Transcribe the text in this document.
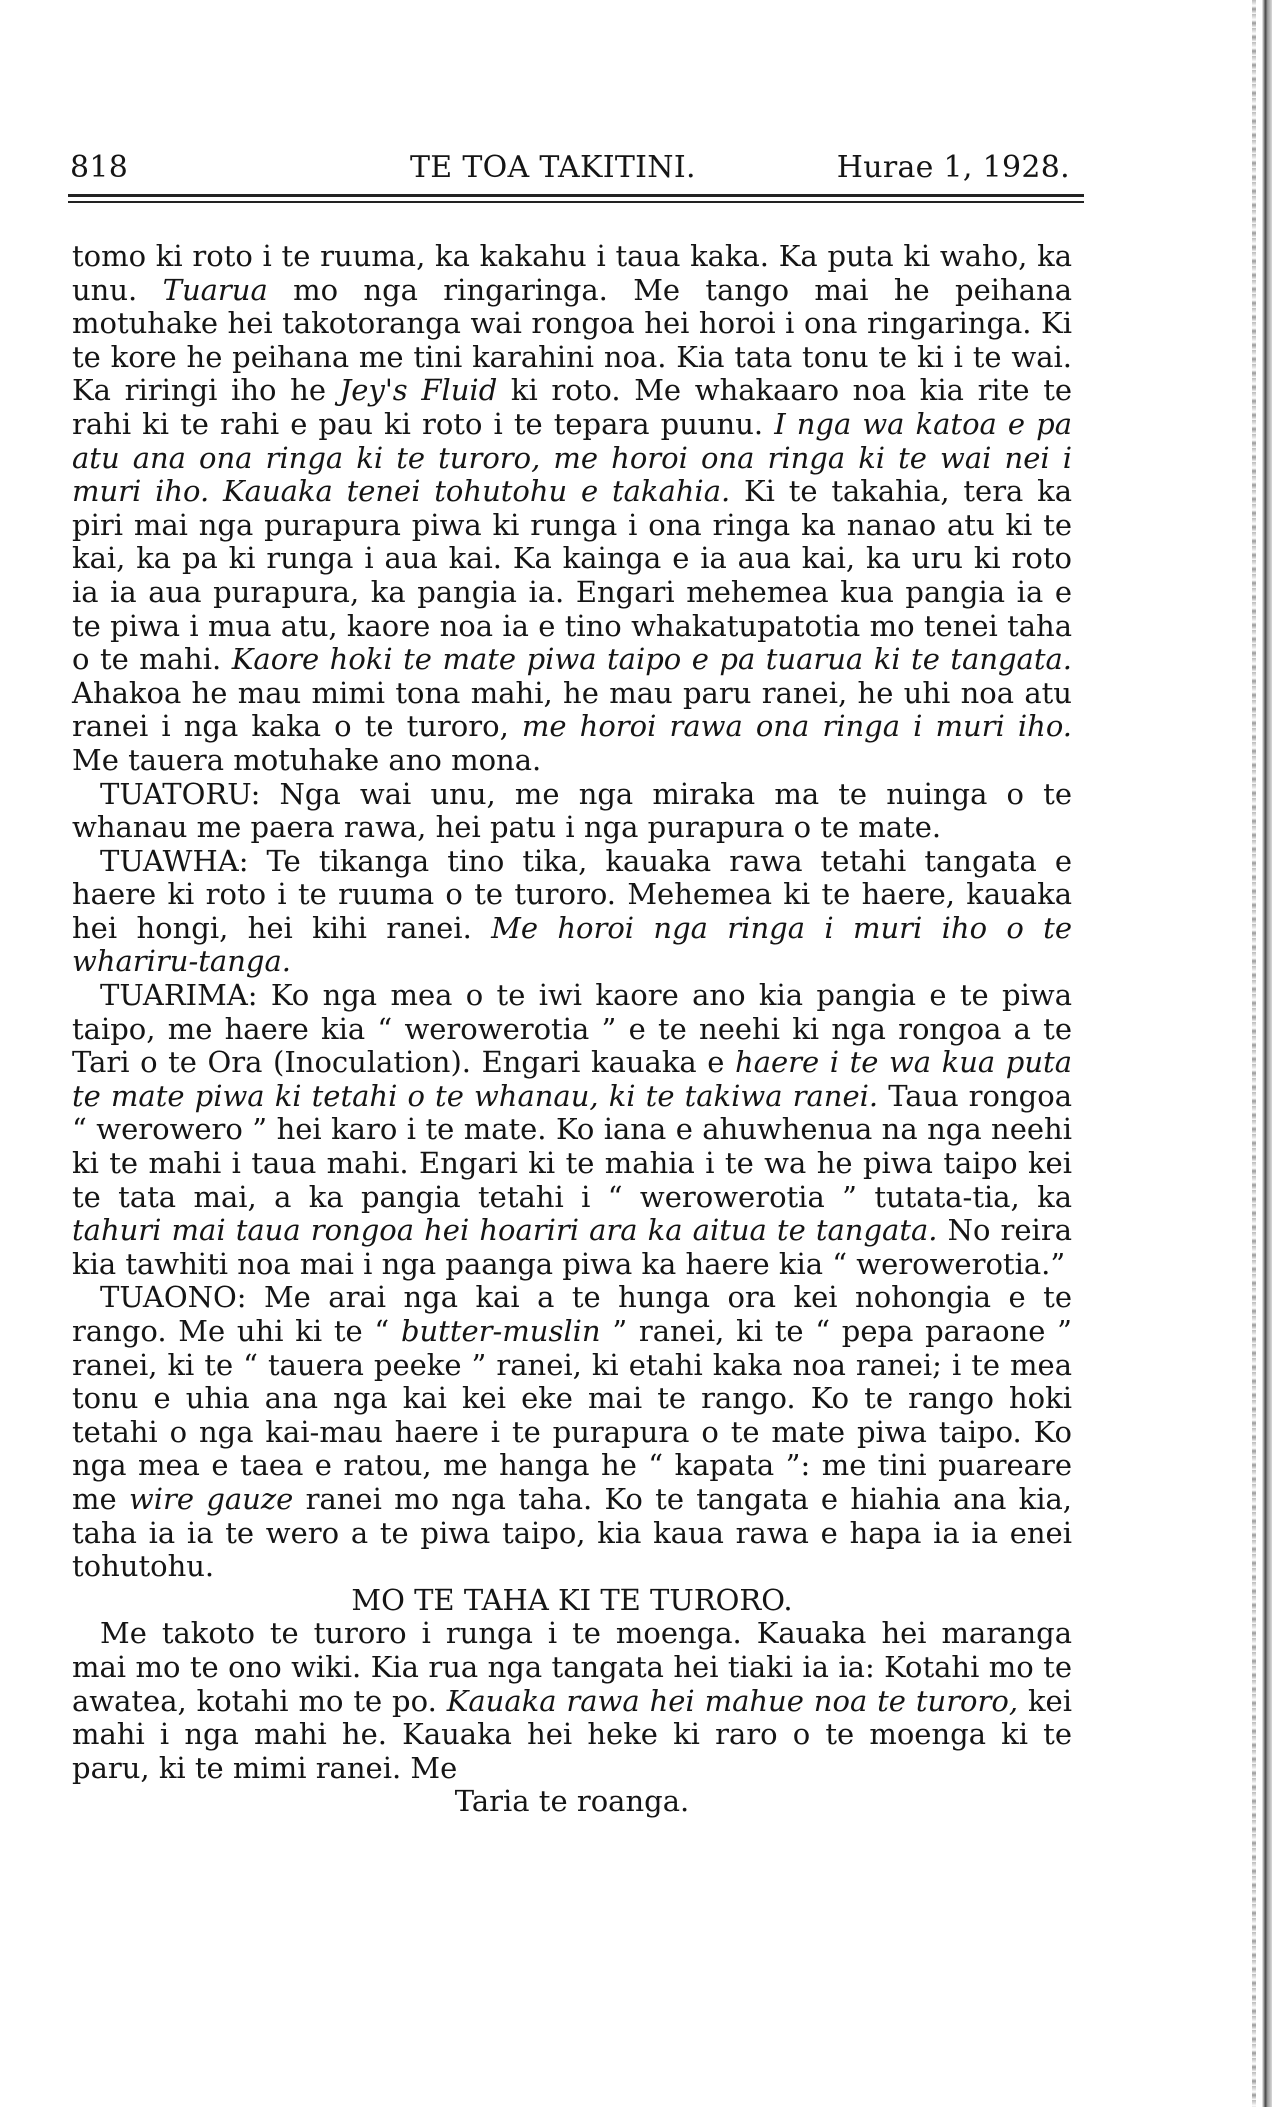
818	TE TOA TAKITINI.	Hurae 1, 1928.

tomo ki roto i te ruuma, ka kakahu i taua kaka. Ka puta ki waho, ka unu. Tuarua mo nga ringaringa. Me tango mai he peihana motuhake hei takotoranga wai rongoa hei horoi i ona ringaringa. Ki te kore he peihana me tini karahini noa. Kia tata tonu te ki i te wai. Ka riringi iho he Jey's Fluid ki roto. Me whakaaro noa kia rite te rahi ki te rahi e pau ki roto i te tepara puunu. I nga wa katoa e pa atu ana ona ringa ki te turoro, me horoi ona ringa ki te wai nei i muri iho. Kauaka tenei tohutohu e takahia. Ki te takahia, tera ka piri mai nga purapura piwa ki runga i ona ringa ka nanao atu ki te kai, ka pa ki runga i aua kai. Ka kainga e ia aua kai, ka uru ki roto ia ia aua purapura, ka pangia ia. Engari mehemea kua pangia ia e te piwa i mua atu, kaore noa ia e tino whakatupatotia mo tenei taha o te mahi. Kaore hoki te mate piwa taipo e pa tuarua ki te tangata. Ahakoa he mau mimi tona mahi, he mau paru ranei, he uhi noa atu ranei i nga kaka o te turoro, me horoi rawa ona ringa i muri iho. Me tauera motuhake ano mona.

TUATORU: Nga wai unu, me nga miraka ma te nuinga o te whanau me paera rawa, hei patu i nga purapura o te mate.

TUAWHA: Te tikanga tino tika, kauaka rawa tetahi tangata e haere ki roto i te ruuma o te turoro. Mehemea ki te haere, kauaka hei hongi, hei kihi ranei. Me horoi nga ringa i muri iho o te whariru-tanga.

TUARIMA: Ko nga mea o te iwi kaore ano kia pangia e te piwa taipo, me haere kia “ werowerotia ” e te neehi ki nga rongoa a te Tari o te Ora (Inoculation). Engari kauaka e haere i te wa kua puta te mate piwa ki tetahi o te whanau, ki te takiwa ranei. Taua rongoa “ werowero ” hei karo i te mate. Ko iana e ahuwhenua na nga neehi ki te mahi i taua mahi. Engari ki te mahia i te wa he piwa taipo kei te tata mai, a ka pangia tetahi i “ werowerotia ” tutata-tia, ka tahuri mai taua rongoa hei hoariri ara ka aitua te tangata. No reira kia tawhiti noa mai i nga paanga piwa ka haere kia “ werowerotia.”

TUAONO: Me arai nga kai a te hunga ora kei nohongia e te rango. Me uhi ki te “ butter-muslin ” ranei, ki te “ pepa paraone ” ranei, ki te “ tauera peeke ” ranei, ki etahi kaka noa ranei; i te mea tonu e uhia ana nga kai kei eke mai te rango. Ko te rango hoki tetahi o nga kai-mau haere i te purapura o te mate piwa taipo. Ko nga mea e taea e ratou, me hanga he “ kapata ”: me tini puareare me wire gauze ranei mo nga taha. Ko te tangata e hiahia ana kia, taha ia ia te wero a te piwa taipo, kia kaua rawa e hapa ia ia enei tohutohu.

MO TE TAHA KI TE TURORO.

Me takoto te turoro i runga i te moenga. Kauaka hei maranga mai mo te ono wiki. Kia rua nga tangata hei tiaki ia ia: Kotahi mo te awatea, kotahi mo te po. Kauaka rawa hei mahue noa te turoro, kei mahi i nga mahi he. Kauaka hei heke ki raro o te moenga ki te paru, ki te mimi ranei. Me

Taria te roanga.
